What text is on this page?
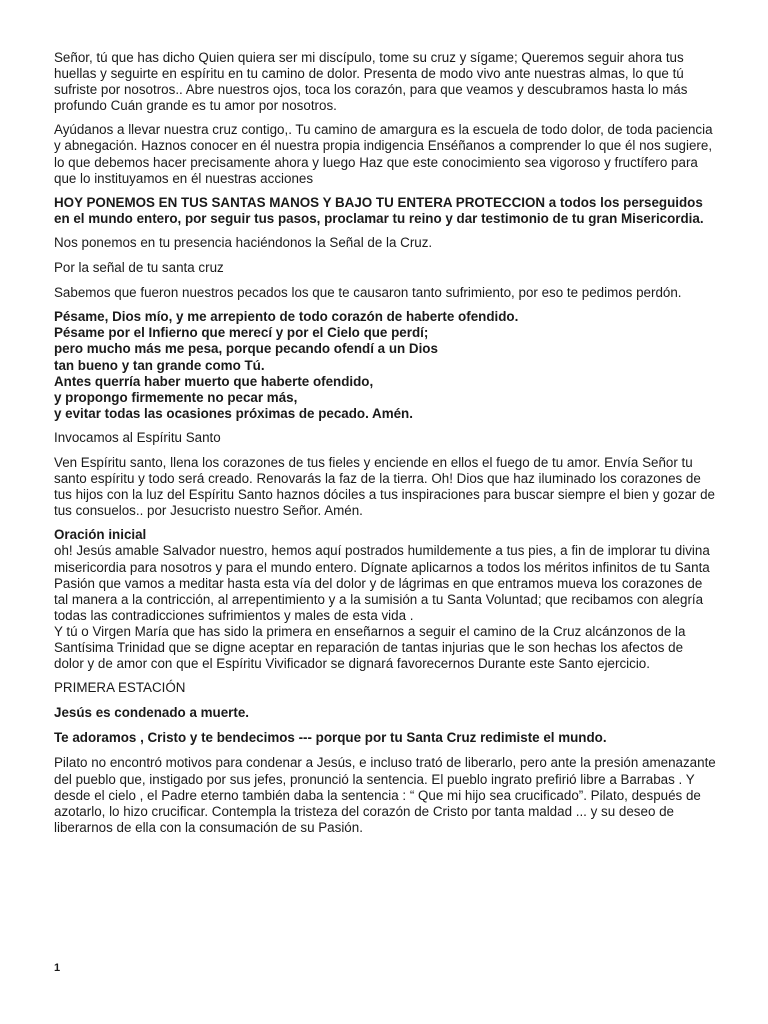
Señor, tú que has dicho Quien quiera ser mi discípulo, tome su cruz y sígame; Queremos seguir ahora tus huellas y seguirte en espíritu en tu camino de dolor. Presenta de modo vivo ante nuestras almas, lo que tú sufriste por nosotros.. Abre nuestros ojos, toca los corazón, para que veamos y descubramos hasta lo más profundo Cuán grande es tu amor por nosotros.

Ayúdanos a llevar nuestra cruz contigo,. Tu camino de amargura es la escuela de todo dolor, de toda paciencia y abnegación. Haznos conocer en él nuestra propia indigencia Enséñanos a comprender lo que él nos sugiere, lo que debemos hacer precisamente ahora y luego Haz que este conocimiento sea vigoroso y fructífero para que lo instituyamos en él nuestras acciones

HOY PONEMOS EN TUS SANTAS MANOS Y BAJO TU ENTERA PROTECCION a todos los perseguidos en el mundo entero, por seguir tus pasos, proclamar tu reino y dar testimonio de tu gran Misericordia.

Nos ponemos en tu presencia haciéndonos la Señal de la Cruz.

Por la señal de tu santa cruz

Sabemos que fueron nuestros pecados los que te causaron tanto sufrimiento, por eso te pedimos perdón.

Pésame, Dios mío, y me arrepiento de todo corazón de haberte ofendido.
Pésame por el Infierno que merecí y por el Cielo que perdí;
pero mucho más me pesa, porque pecando ofendí a un Dios
tan bueno y tan grande como Tú.
Antes querría haber muerto que haberte ofendido,
y propongo firmemente no pecar más,
y evitar todas las ocasiones próximas de pecado. Amén.

Invocamos al Espíritu Santo

Ven Espíritu santo, llena los corazones de tus fieles y enciende en ellos el fuego de tu amor. Envía Señor tu santo espíritu y todo será creado. Renovarás la faz de la tierra. Oh! Dios que haz iluminado los corazones de tus hijos con la luz del Espíritu Santo haznos dóciles a tus inspiraciones para buscar siempre el bien y gozar de tus consuelos.. por Jesucristo nuestro Señor. Amén.

Oración inicial
oh! Jesús amable Salvador nuestro, hemos aquí postrados humildemente a tus pies, a fin de implorar tu divina misericordia para nosotros y para el mundo entero. Dígnate aplicarnos a todos los méritos infinitos de tu Santa Pasión que vamos a meditar hasta esta vía del dolor y de lágrimas en que entramos mueva los corazones de tal manera a la contricción, al arrepentimiento y a la sumisión a tu Santa Voluntad; que recibamos con alegría todas las contradicciones sufrimientos y males de esta vida .
Y tú o Virgen María que has sido la primera en enseñarnos a seguir el camino de la Cruz alcánzonos de la Santísima Trinidad que se digne aceptar en reparación de tantas injurias que le son hechas los afectos de dolor y de amor con que el Espíritu Vivificador se dignará favorecernos Durante este Santo ejercicio.

PRIMERA ESTACIÓN

Jesús es condenado a muerte.

Te adoramos , Cristo y te bendecimos --- porque por tu Santa Cruz redimiste el mundo.

Pilato no encontró motivos para condenar a Jesús, e incluso trató de liberarlo, pero ante la presión amenazante del pueblo que, instigado por sus jefes, pronunció la sentencia. El pueblo ingrato prefirió libre a Barrabas . Y desde el cielo , el Padre eterno también daba la sentencia : “ Que mi hijo sea crucificado”. Pilato, después de azotarlo, lo hizo crucificar. Contempla la tristeza del corazón de Cristo por tanta maldad ... y su deseo de liberarnos de ella con la consumación de su Pasión.

1
